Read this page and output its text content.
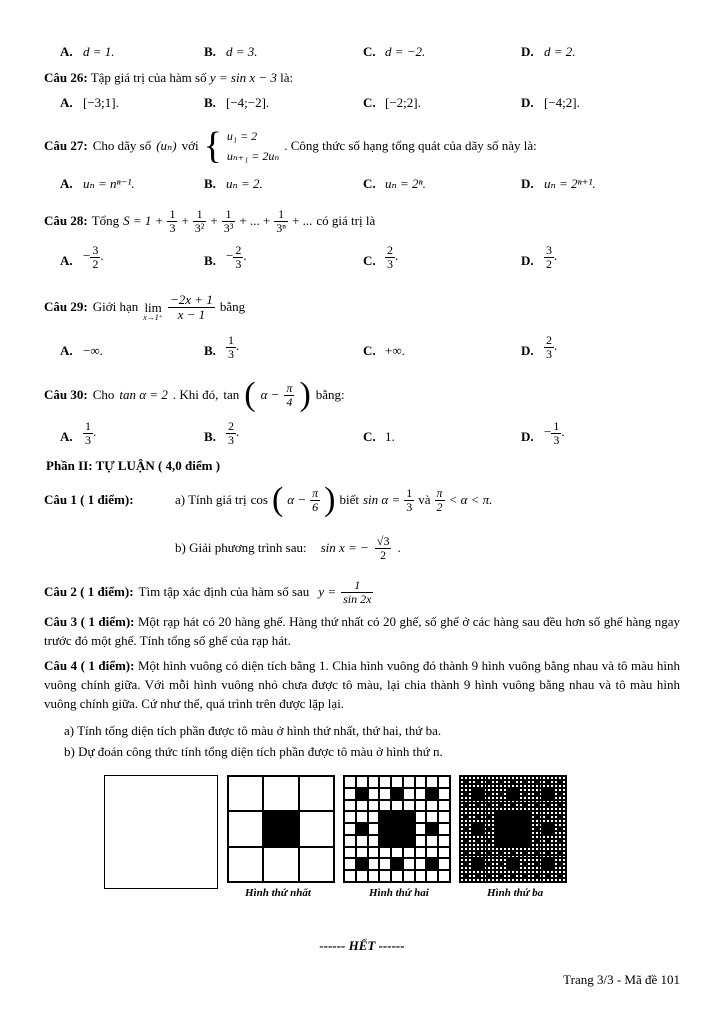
A. d = 1.	B. d = 3.	C. d = −2.	D. d = 2.
Câu 26: Tập giá trị của hàm số y = sin x − 3 là:
A. [−3;1].	B. [−4;−2].	C. [−2;2].	D. [−4;2].
Câu 27: Cho dãy số (uₙ) với { u₁ = 2
uₙ₊₁ = 2uₙ
. Công thức số hạng tổng quát của dãy số này là:
A. uₙ = nⁿ⁻¹.	B. uₙ = 2.	C. uₙ = 2ⁿ.	D. uₙ = 2ⁿ⁺¹.
Câu 28: Tổng $S = 1 + \frac{1}{3} + \frac{1}{\text{3²}} + \frac{1}{\text{3³}}$ + ... + $\frac{1}{\text{3ⁿ}}$ + ... có giá trị là
A. − $\frac{3}{2}$ .	B. − $\frac{2}{3}$ .	C. $\frac{2}{3}$ .	D. $\frac{3}{2}$ .
Câu 29: Giới hạn lim
x→1⁺
−2x + 1
x − 1	bằng
A. −∞.	B. $\frac{1}{3}$ .	C. +∞.	D. $\frac{2}{3}$ .
Câu 30: Cho tan α = 2 . Khi đó, tan ( $\alpha - \frac{\pi}{4}$ ) bằng:
A. $\frac{1}{3}$ .	B. $\frac{2}{3}$ .	C. 1.	D. − $\frac{1}{3}$ .
Phần II: TỰ LUẬN ( 4,0 điểm )
Câu 1 ( 1 điểm):	a) Tính giá trị cos ( $\alpha - \frac{\pi}{6}$ ) biết $\sin \alpha = \frac{1}{3}$ và π
2 < α < π.
b) Giải phương trình sau: sin x = − $\frac{√3}{2}$ .
Câu 2 ( 1 điểm): Tìm tập xác định của hàm số sau $y = \frac{1}{\sin 2x}$
Câu 3 ( 1 điểm): Một rạp hát có 20 hàng ghế. Hàng thứ nhất có 20 ghế, số ghế ở các hàng sau đều hơn số ghế hàng ngay trước đó một ghế. Tính tổng số ghế của rạp hát.
Câu 4 ( 1 điểm): Một hình vuông có diện tích bằng 1. Chia hình vuông đó thành 9 hình vuông bằng nhau và tô màu hình vuông chính giữa. Với mỗi hình vuông nhỏ chưa được tô màu, lại chia thành 9 hình vuông bằng nhau và tô màu hình vuông chính giữa. Cứ như thế, quá trình trên được lặp lại.
a) Tính tổng diện tích phần được tô màu ở hình thứ nhất, thứ hai, thứ ba.
b) Dự đoán công thức tính tổng diện tích phần được tô màu ở hình thứ n.
Hình thứ nhất	Hình thứ hai	Hình thứ ba
------ HẾT ------
Trang 3/3 - Mã đề 101
